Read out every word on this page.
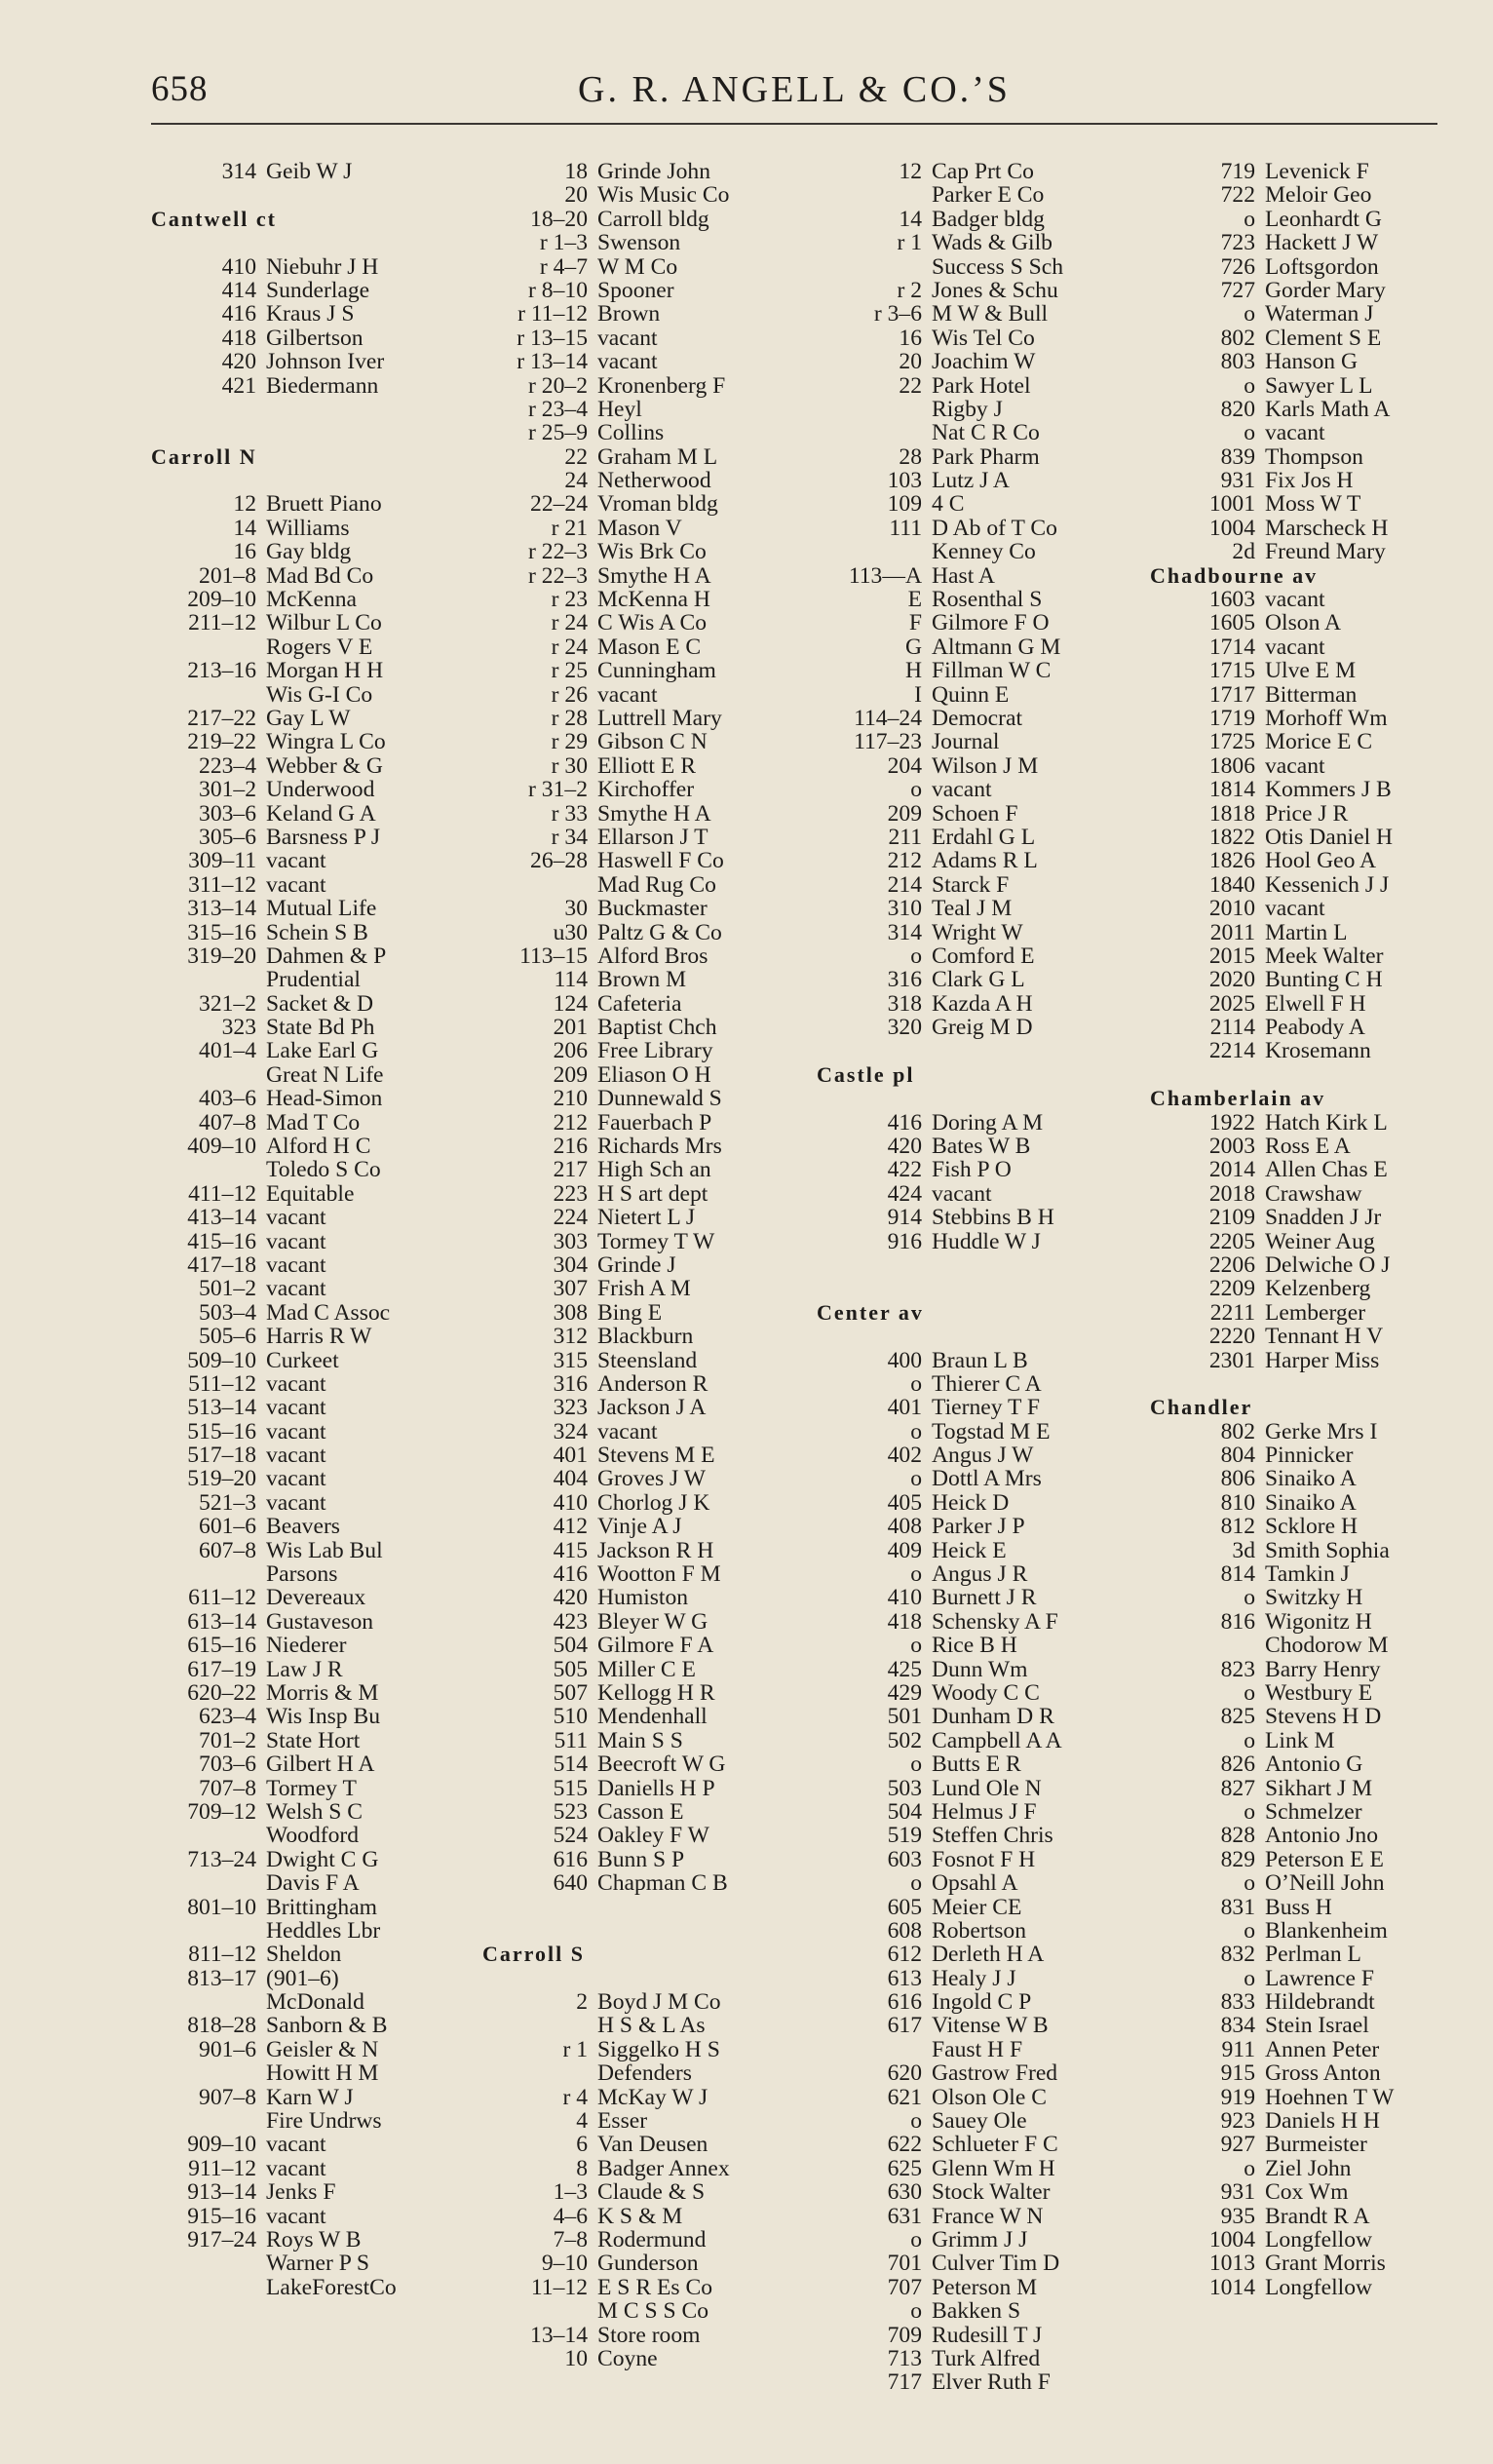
658	G. R. ANGELL & CO.’S
314 Geib W J
Cantwell ct
410 Niebuhr J H
414 Sunderlage
416 Kraus J S
418 Gilbertson
420 Johnson Iver
421 Biedermann
Carroll N
12 Bruett Piano
14 Williams
16 Gay bldg
201–8 Mad Bd Co
209–10 McKenna
211–12 Wilbur L Co
Rogers V E
213–16 Morgan H H
Wis G-I Co
217–22 Gay L W
219–22 Wingra L Co
223–4 Webber & G
301–2 Underwood
303–6 Keland G A
305–6 Barsness P J
309–11 vacant
311–12 vacant
313–14 Mutual Life
315–16 Schein S B
319–20 Dahmen & P
Prudential
321–2 Sacket & D
323 State Bd Ph
401–4 Lake Earl G
Great N Life
403–6 Head-Simon
407–8 Mad T Co
409–10 Alford H C
Toledo S Co
411–12 Equitable
413–14 vacant
415–16 vacant
417–18 vacant
501–2 vacant
503–4 Mad C Assoc
505–6 Harris R W
509–10 Curkeet
511–12 vacant
513–14 vacant
515–16 vacant
517–18 vacant
519–20 vacant
521–3 vacant
601–6 Beavers
607–8 Wis Lab Bul
Parsons
611–12 Devereaux
613–14 Gustaveson
615–16 Niederer
617–19 Law J R
620–22 Morris & M
623–4 Wis Insp Bu
701–2 State Hort
703–6 Gilbert H A
707–8 Tormey T
709–12 Welsh S C
Woodford
713–24 Dwight C G
Davis F A
801–10 Brittingham
Heddles Lbr
811–12 Sheldon
813–17 (901–6)
McDonald
818–28 Sanborn & B
901–6 Geisler & N
Howitt H M
907–8 Karn W J
Fire Undrws
909–10 vacant
911–12 vacant
913–14 Jenks F
915–16 vacant
917–24 Roys W B
Warner P S
LakeForestCo
18 Grinde John
20 Wis Music Co
18–20 Carroll bldg
r 1–3 Swenson
r 4–7 W M Co
r 8–10 Spooner
r 11–12 Brown
r 13–15 vacant
r 13–14 vacant
r 20–2 Kronenberg F
r 23–4 Heyl
r 25–9 Collins
22 Graham M L
24 Netherwood
22–24 Vroman bldg
r 21 Mason V
r 22–3 Wis Brk Co
r 22–3 Smythe H A
r 23 McKenna H
r 24 C Wis A Co
r 24 Mason E C
r 25 Cunningham
r 26 vacant
r 28 Luttrell Mary
r 29 Gibson C N
r 30 Elliott E R
r 31–2 Kirchoffer
r 33 Smythe H A
r 34 Ellarson J T
26–28 Haswell F Co
Mad Rug Co
30 Buckmaster
u30 Paltz G & Co
113–15 Alford Bros
114 Brown M
124 Cafeteria
201 Baptist Chch
206 Free Library
209 Eliason O H
210 Dunnewald S
212 Fauerbach P
216 Richards Mrs
217 High Sch an
223 H S art dept
224 Nietert L J
303 Tormey T W
304 Grinde J
307 Frish A M
308 Bing E
312 Blackburn
315 Steensland
316 Anderson R
323 Jackson J A
324 vacant
401 Stevens M E
404 Groves J W
410 Chorlog J K
412 Vinje A J
415 Jackson R H
416 Wootton F M
420 Humiston
423 Bleyer W G
504 Gilmore F A
505 Miller C E
507 Kellogg H R
510 Mendenhall
511 Main S S
514 Beecroft W G
515 Daniells H P
523 Casson E
524 Oakley F W
616 Bunn S P
640 Chapman C B
Carroll S
2 Boyd J M Co
H S & L As
r 1 Siggelko H S
Defenders
r 4 McKay W J
4 Esser
6 Van Deusen
8 Badger Annex
1–3 Claude & S
4–6 K S & M
7–8 Rodermund
9–10 Gunderson
11–12 E S R Es Co
M C S S Co
13–14 Store room
10 Coyne
12 Cap Prt Co
Parker E Co
14 Badger bldg
r 1 Wads & Gilb
Success S Sch
r 2 Jones & Schu
r 3–6 M W & Bull
16 Wis Tel Co
20 Joachim W
22 Park Hotel
Rigby J
Nat C R Co
28 Park Pharm
103 Lutz J A
109 4 C
111 D Ab of T Co
Kenney Co
113—A Hast A
E Rosenthal S
F Gilmore F O
G Altmann G M
H Fillman W C
I Quinn E
114–24 Democrat
117–23 Journal
204 Wilson J M
o vacant
209 Schoen F
211 Erdahl G L
212 Adams R L
214 Starck F
310 Teal J M
314 Wright W
o Comford E
316 Clark G L
318 Kazda A H
320 Greig M D
Castle pl
416 Doring A M
420 Bates W B
422 Fish P O
424 vacant
914 Stebbins B H
916 Huddle W J
Center av
400 Braun L B
o Thierer C A
401 Tierney T F
o Togstad M E
402 Angus J W
o Dottl A Mrs
405 Heick D
408 Parker J P
409 Heick E
o Angus J R
410 Burnett J R
418 Schensky A F
o Rice B H
425 Dunn Wm
429 Woody C C
501 Dunham D R
502 Campbell A A
o Butts E R
503 Lund Ole N
504 Helmus J F
519 Steffen Chris
603 Fosnot F H
o Opsahl A
605 Meier CE
608 Robertson
612 Derleth H A
613 Healy J J
616 Ingold C P
617 Vitense W B
Faust H F
620 Gastrow Fred
621 Olson Ole C
o Sauey Ole
622 Schlueter F C
625 Glenn Wm H
630 Stock Walter
631 France W N
o Grimm J J
701 Culver Tim D
707 Peterson M
o Bakken S
709 Rudesill T J
713 Turk Alfred
717 Elver Ruth F
719 Levenick F
722 Meloir Geo
o Leonhardt G
723 Hackett J W
726 Loftsgordon
727 Gorder Mary
o Waterman J
802 Clement S E
803 Hanson G
o Sawyer L L
820 Karls Math A
o vacant
839 Thompson
931 Fix Jos H
1001 Moss W T
1004 Marscheck H
2d Freund Mary
Chadbourne av
1603 vacant
1605 Olson A
1714 vacant
1715 Ulve E M
1717 Bitterman
1719 Morhoff Wm
1725 Morice E C
1806 vacant
1814 Kommers J B
1818 Price J R
1822 Otis Daniel H
1826 Hool Geo A
1840 Kessenich J J
2010 vacant
2011 Martin L
2015 Meek Walter
2020 Bunting C H
2025 Elwell F H
2114 Peabody A
2214 Krosemann
Chamberlain av
1922 Hatch Kirk L
2003 Ross E A
2014 Allen Chas E
2018 Crawshaw
2109 Snadden J Jr
2205 Weiner Aug
2206 Delwiche O J
2209 Kelzenberg
2211 Lemberger
2220 Tennant H V
2301 Harper Miss
Chandler
802 Gerke Mrs I
804 Pinnicker
806 Sinaiko A
810 Sinaiko A
812 Scklore H
3d Smith Sophia
814 Tamkin J
o Switzky H
816 Wigonitz H
Chodorow M
823 Barry Henry
o Westbury E
825 Stevens H D
o Link M
826 Antonio G
827 Sikhart J M
o Schmelzer
828 Antonio Jno
829 Peterson E E
o O’Neill John
831 Buss H
o Blankenheim
832 Perlman L
o Lawrence F
833 Hildebrandt
834 Stein Israel
911 Annen Peter
915 Gross Anton
919 Hoehnen T W
923 Daniels H H
927 Burmeister
o Ziel John
931 Cox Wm
935 Brandt R A
1004 Longfellow
1013 Grant Morris
1014 Longfellow
